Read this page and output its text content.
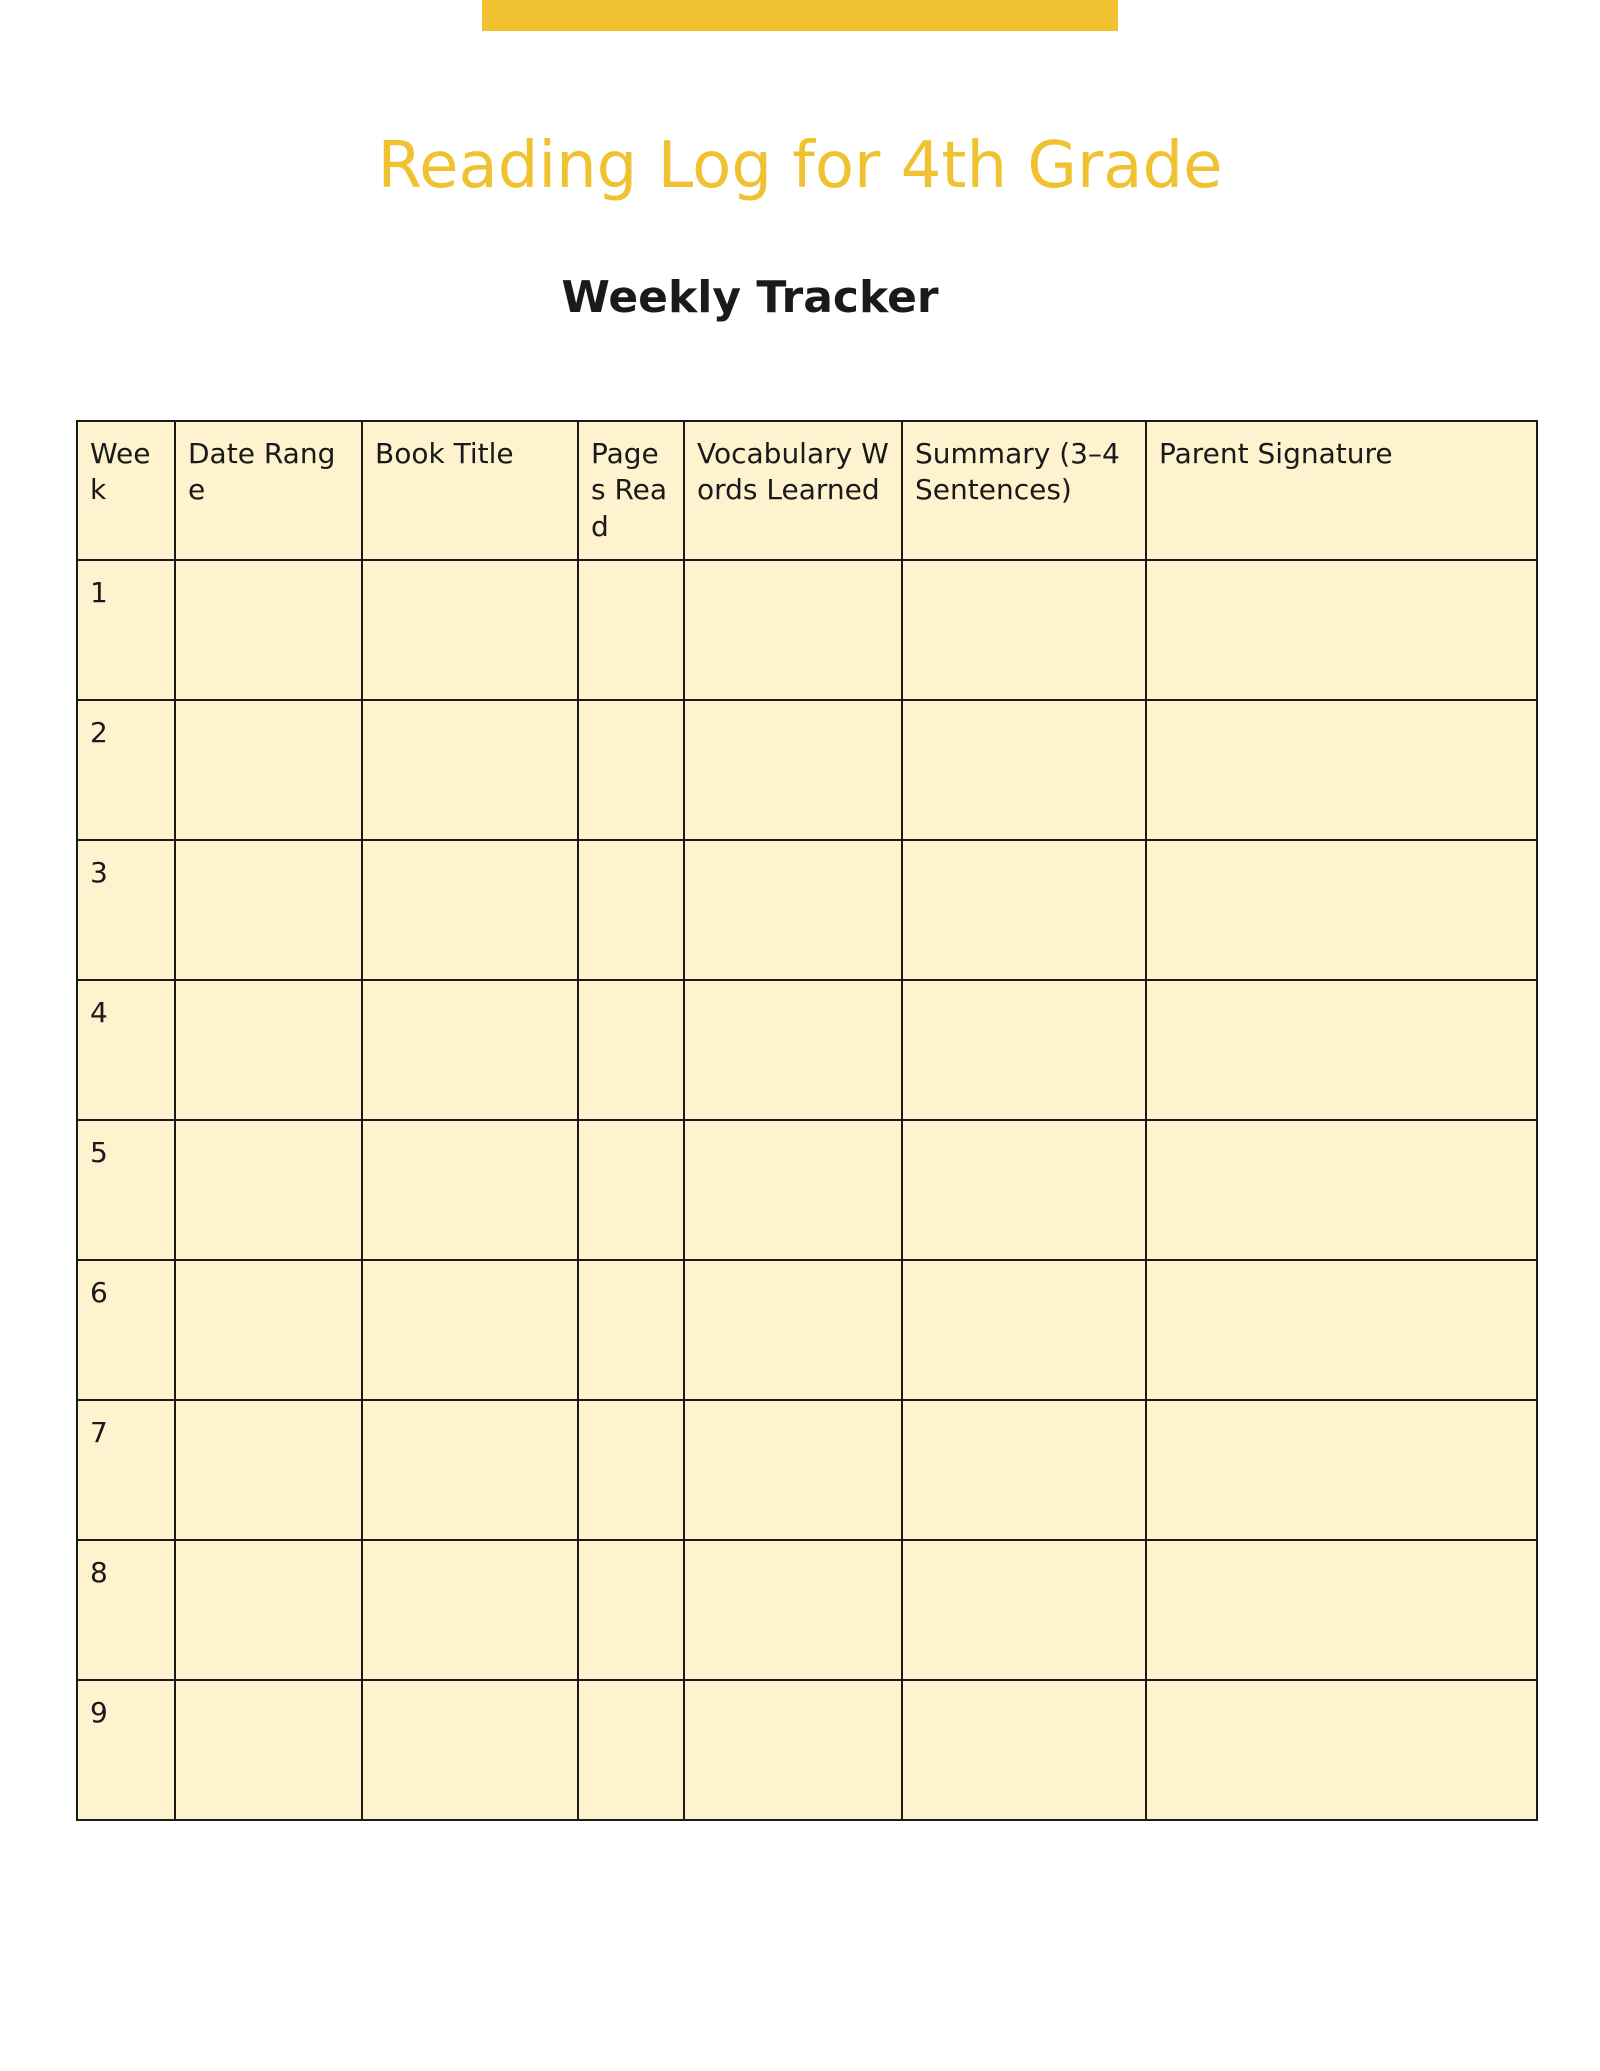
Reading Log for 4th Grade
Weekly Tracker
Week	Date Range	Book Title	Pages Read	Vocabulary Words Learned	Summary (3–4 Sentences)	Parent Signature
1						
2						
3						
4						
5						
6						
7						
8						
9						
